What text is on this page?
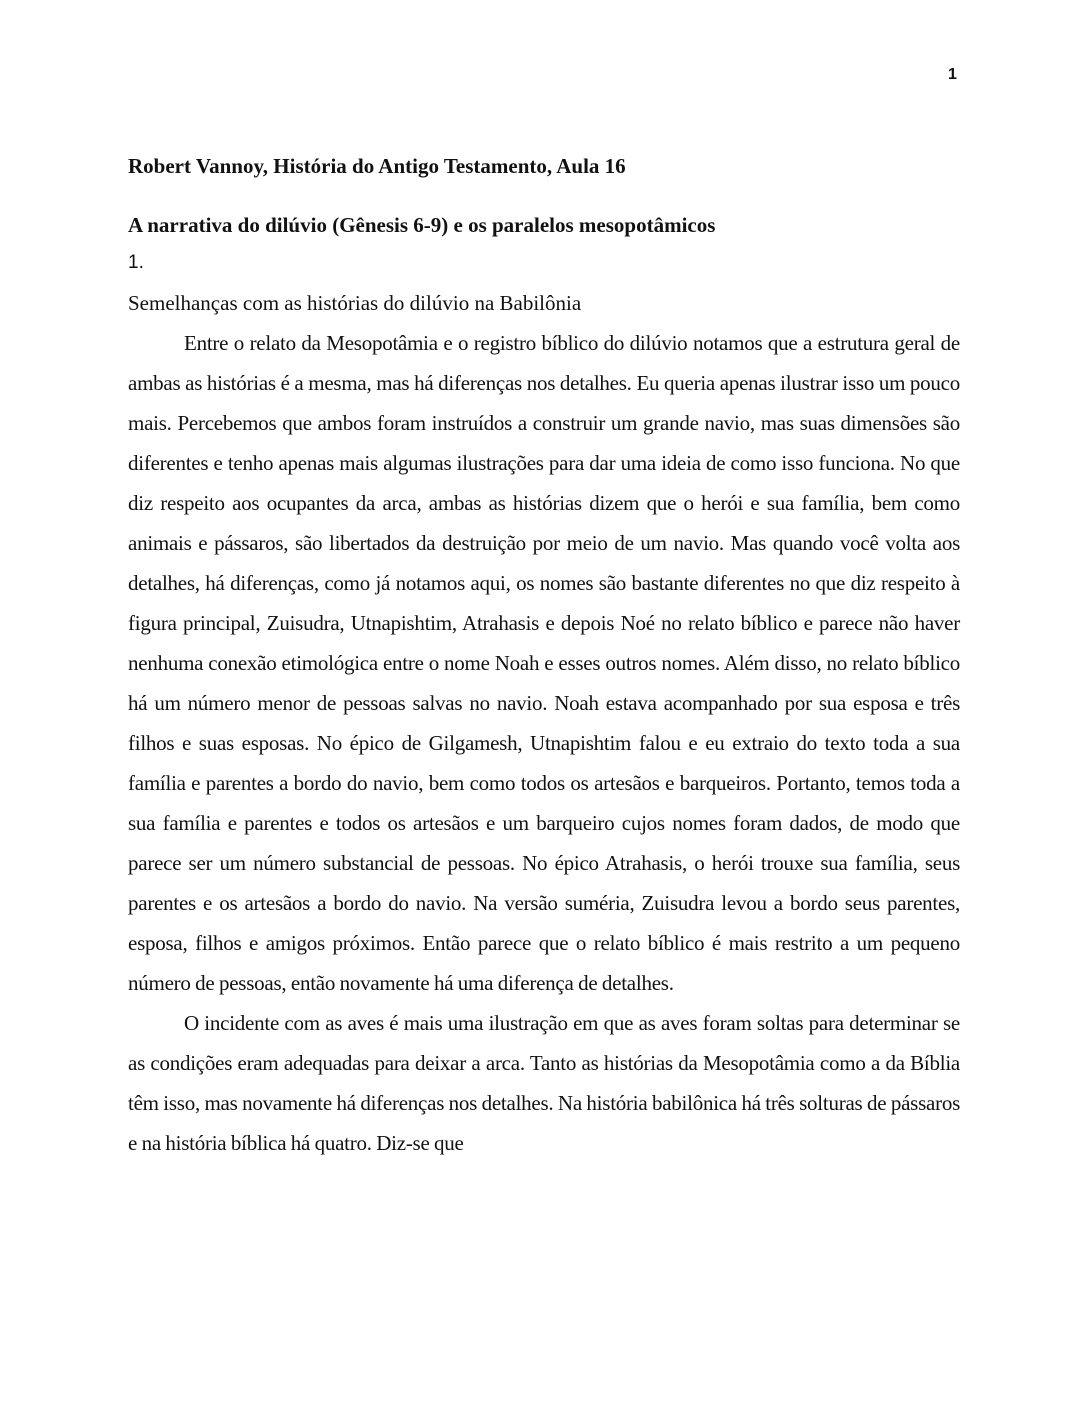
1
Robert Vannoy, História do Antigo Testamento, Aula 16
A narrativa do dilúvio (Gênesis 6-9) e os paralelos mesopotâmicos
1.
Semelhanças com as histórias do dilúvio na Babilônia

Entre o relato da Mesopotâmia e o registro bíblico do dilúvio notamos que a estrutura geral de ambas as histórias é a mesma, mas há diferenças nos detalhes. Eu queria apenas ilustrar isso um pouco mais. Percebemos que ambos foram instruídos a construir um grande navio, mas suas dimensões são diferentes e tenho apenas mais algumas ilustrações para dar uma ideia de como isso funciona. No que diz respeito aos ocupantes da arca, ambas as histórias dizem que o herói e sua família, bem como animais e pássaros, são libertados da destruição por meio de um navio. Mas quando você volta aos detalhes, há diferenças, como já notamos aqui, os nomes são bastante diferentes no que diz respeito à figura principal, Zuisudra, Utnapishtim, Atrahasis e depois Noé no relato bíblico e parece não haver nenhuma conexão etimológica entre o nome Noah e esses outros nomes. Além disso, no relato bíblico há um número menor de pessoas salvas no navio. Noah estava acompanhado por sua esposa e três filhos e suas esposas. No épico de Gilgamesh, Utnapishtim falou e eu extraio do texto toda a sua família e parentes a bordo do navio, bem como todos os artesãos e barqueiros. Portanto, temos toda a sua família e parentes e todos os artesãos e um barqueiro cujos nomes foram dados, de modo que parece ser um número substancial de pessoas. No épico Atrahasis, o herói trouxe sua família, seus parentes e os artesãos a bordo do navio. Na versão suméria, Zuisudra levou a bordo seus parentes, esposa, filhos e amigos próximos. Então parece que o relato bíblico é mais restrito a um pequeno número de pessoas, então novamente há uma diferença de detalhes.

O incidente com as aves é mais uma ilustração em que as aves foram soltas para determinar se as condições eram adequadas para deixar a arca. Tanto as histórias da Mesopotâmia como a da Bíblia têm isso, mas novamente há diferenças nos detalhes. Na história babilônica há três solturas de pássaros e na história bíblica há quatro. Diz-se que
